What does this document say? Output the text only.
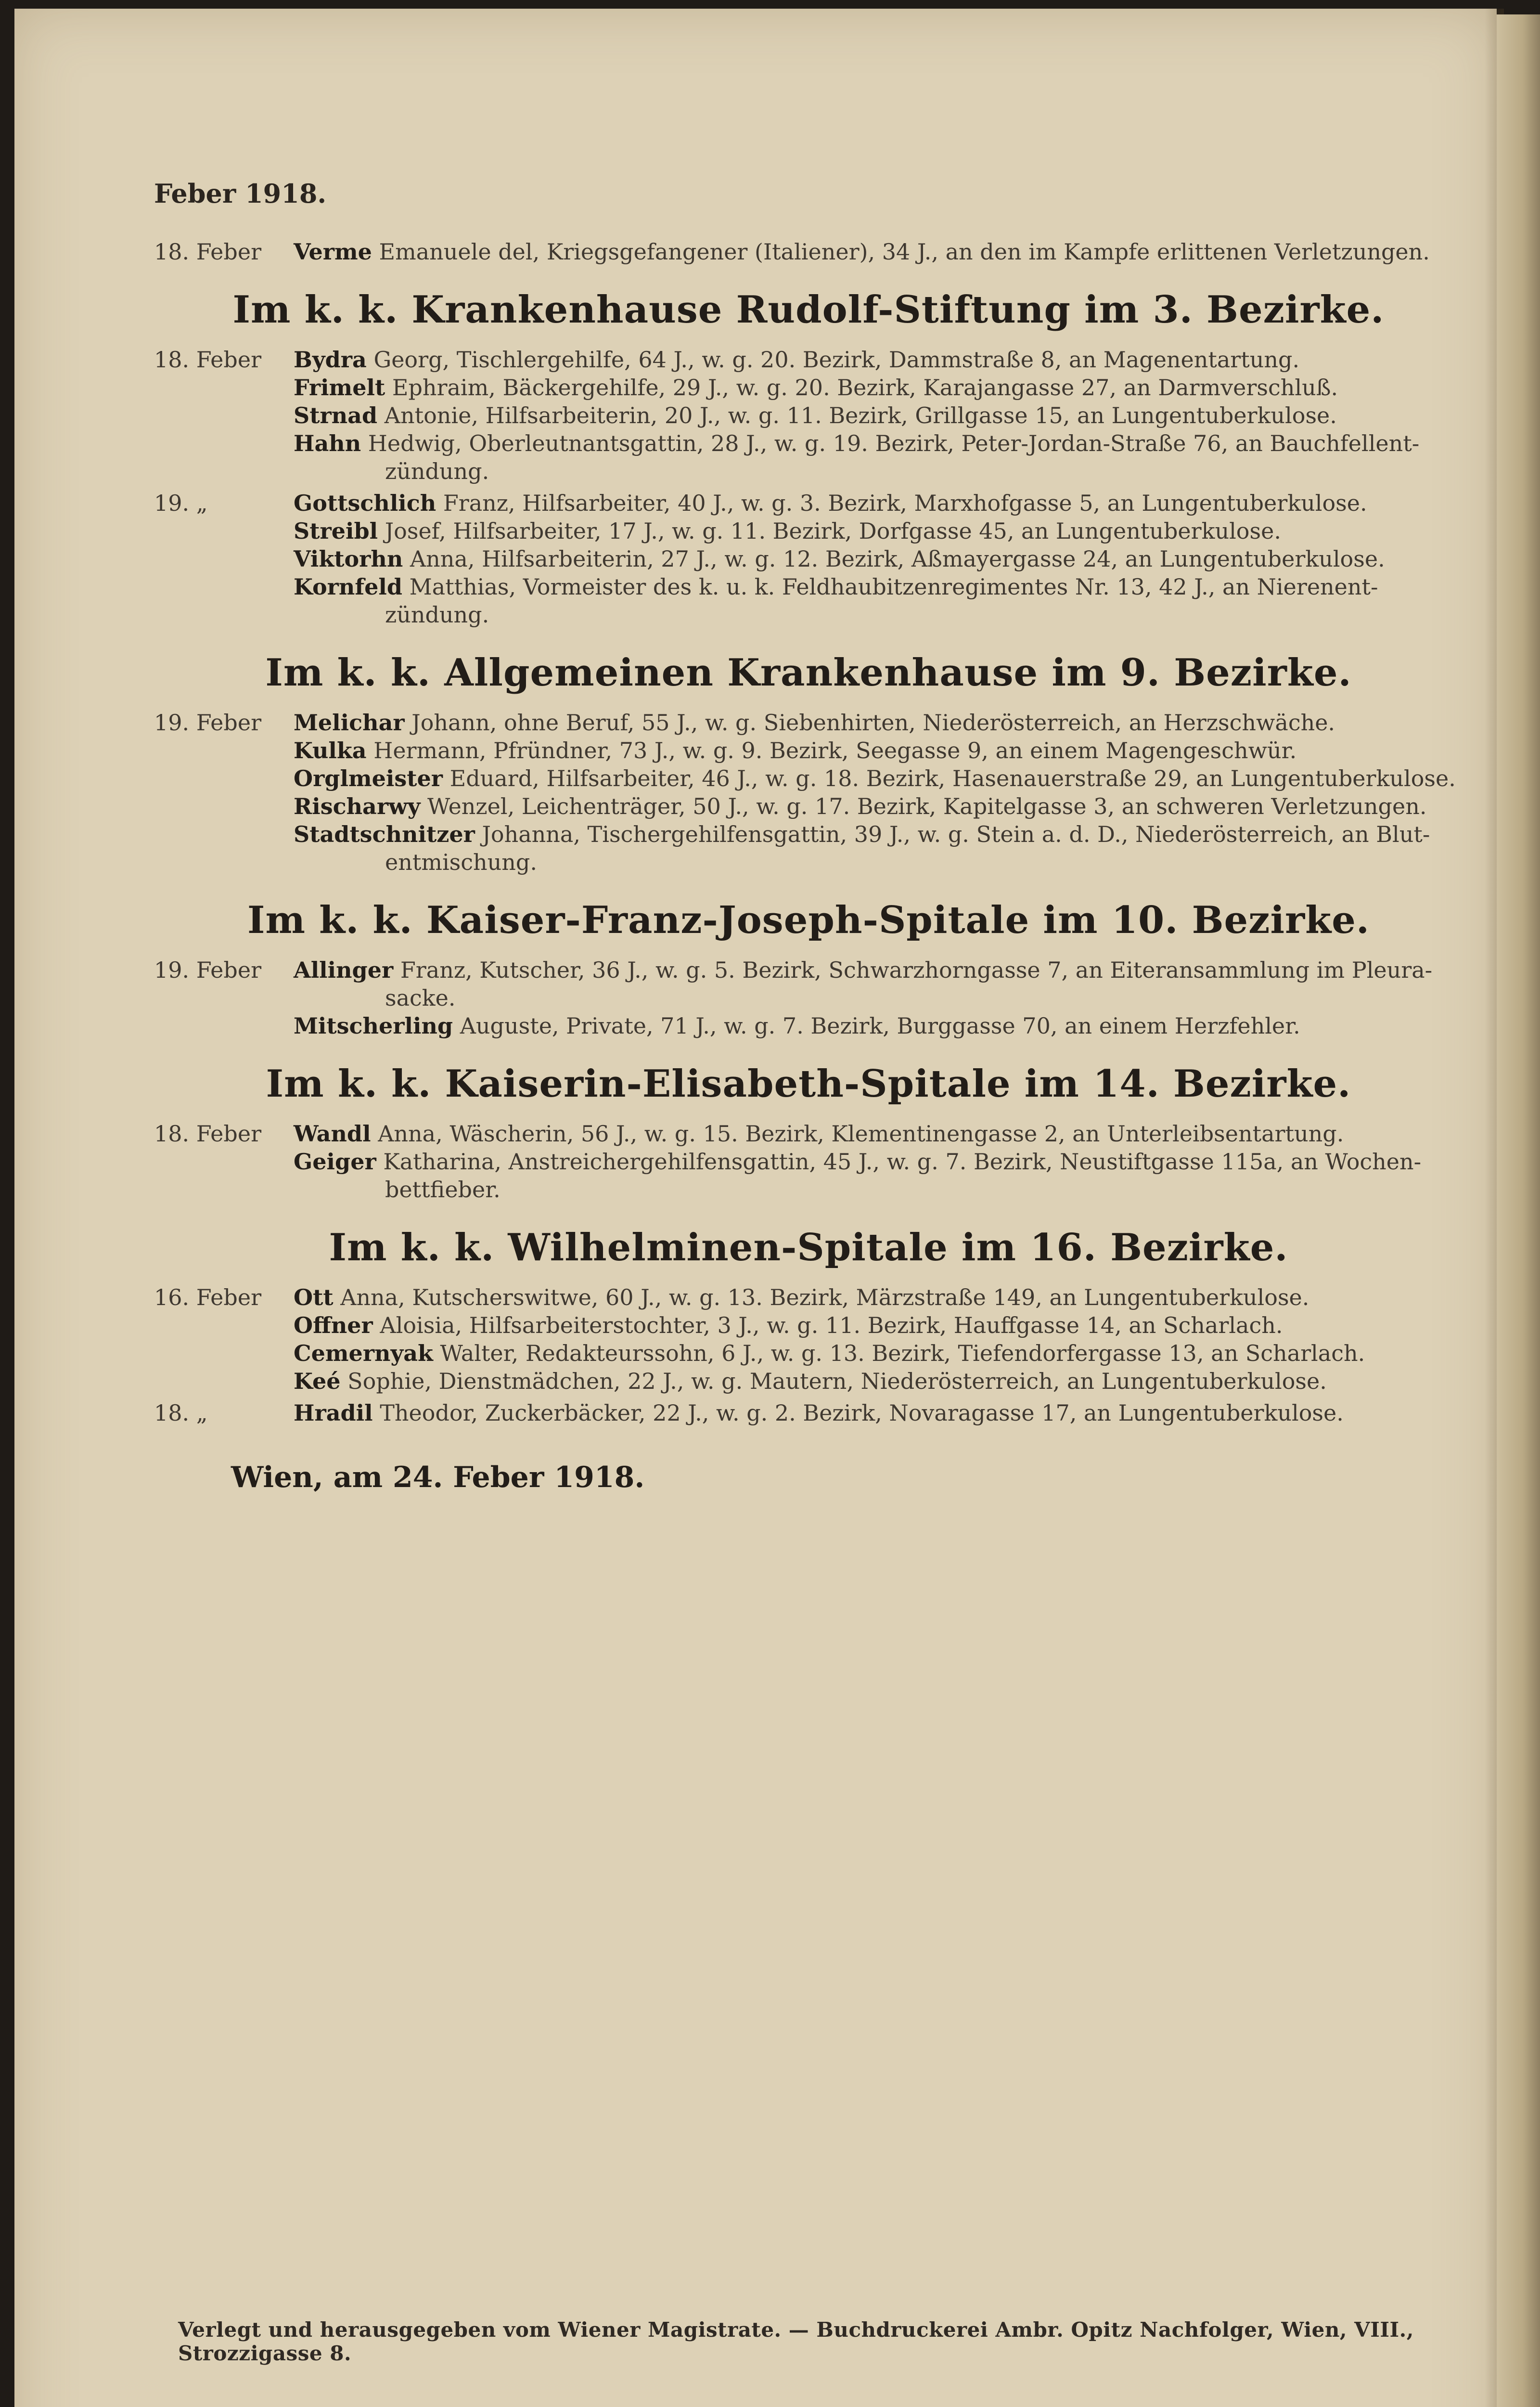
Feber 1918.
18. Feber	Verme Emanuele del, Kriegsgefangener (Italiener), 34 J., an den im Kampfe erlittenen Verletzungen.
Im k. k. Krankenhause Rudolf-Stiftung im 3. Bezirke.
18. Feber	Bydra Georg, Tischlergehilfe, 64 J., w. g. 20. Bezirk, Dammstraße 8, an Magenentartung.
Frimelt Ephraim, Bäckergehilfe, 29 J., w. g. 20. Bezirk, Karajangasse 27, an Darmverschluß.
Strnad Antonie, Hilfsarbeiterin, 20 J., w. g. 11. Bezirk, Grillgasse 15, an Lungentuberkulose.
Hahn Hedwig, Oberleutnantsgattin, 28 J., w. g. 19. Bezirk, Peter-Jordan-Straße 76, an Bauchfellent-
zündung.
19. „	Gottschlich Franz, Hilfsarbeiter, 40 J., w. g. 3. Bezirk, Marxhofgasse 5, an Lungentuberkulose.
Streibl Josef, Hilfsarbeiter, 17 J., w. g. 11. Bezirk, Dorfgasse 45, an Lungentuberkulose.
Viktorhn Anna, Hilfsarbeiterin, 27 J., w. g. 12. Bezirk, Aßmayergasse 24, an Lungentuberkulose.
Kornfeld Matthias, Vormeister des k. u. k. Feldhaubitzenregimentes Nr. 13, 42 J., an Nierenent-
zündung.
Im k. k. Allgemeinen Krankenhause im 9. Bezirke.
19. Feber	Melichar Johann, ohne Beruf, 55 J., w. g. Siebenhirten, Niederösterreich, an Herzschwäche.
Kulka Hermann, Pfründner, 73 J., w. g. 9. Bezirk, Seegasse 9, an einem Magengeschwür.
Orglmeister Eduard, Hilfsarbeiter, 46 J., w. g. 18. Bezirk, Hasenauerstraße 29, an Lungentuberkulose.
Rischarwy Wenzel, Leichenträger, 50 J., w. g. 17. Bezirk, Kapitelgasse 3, an schweren Verletzungen.
Stadtschnitzer Johanna, Tischergehilfensgattin, 39 J., w. g. Stein a. d. D., Niederösterreich, an Blut-
entmischung.
Im k. k. Kaiser-Franz-Joseph-Spitale im 10. Bezirke.
19. Feber	Allinger Franz, Kutscher, 36 J., w. g. 5. Bezirk, Schwarzhorngasse 7, an Eiteransammlung im Pleura-
sacke.
Mitscherling Auguste, Private, 71 J., w. g. 7. Bezirk, Burggasse 70, an einem Herzfehler.
Im k. k. Kaiserin-Elisabeth-Spitale im 14. Bezirke.
18. Feber	Wandl Anna, Wäscherin, 56 J., w. g. 15. Bezirk, Klementinengasse 2, an Unterleibsentartung.
Geiger Katharina, Anstreichergehilfensgattin, 45 J., w. g. 7. Bezirk, Neustiftgasse 115a, an Wochen-
bettfieber.
Im k. k. Wilhelminen-Spitale im 16. Bezirke.
16. Feber	Ott Anna, Kutscherswitwe, 60 J., w. g. 13. Bezirk, Märzstraße 149, an Lungentuberkulose.
Offner Aloisia, Hilfsarbeiterstochter, 3 J., w. g. 11. Bezirk, Hauffgasse 14, an Scharlach.
Cemernyak Walter, Redakteurssohn, 6 J., w. g. 13. Bezirk, Tiefendorfergasse 13, an Scharlach.
Keé Sophie, Dienstmädchen, 22 J., w. g. Mautern, Niederösterreich, an Lungentuberkulose.
18. „	Hradil Theodor, Zuckerbäcker, 22 J., w. g. 2. Bezirk, Novaragasse 17, an Lungentuberkulose.
Wien, am 24. Feber 1918.
Verlegt und herausgegeben vom Wiener Magistrate. — Buchdruckerei Ambr. Opitz Nachfolger, Wien, VIII., Strozzigasse 8.
